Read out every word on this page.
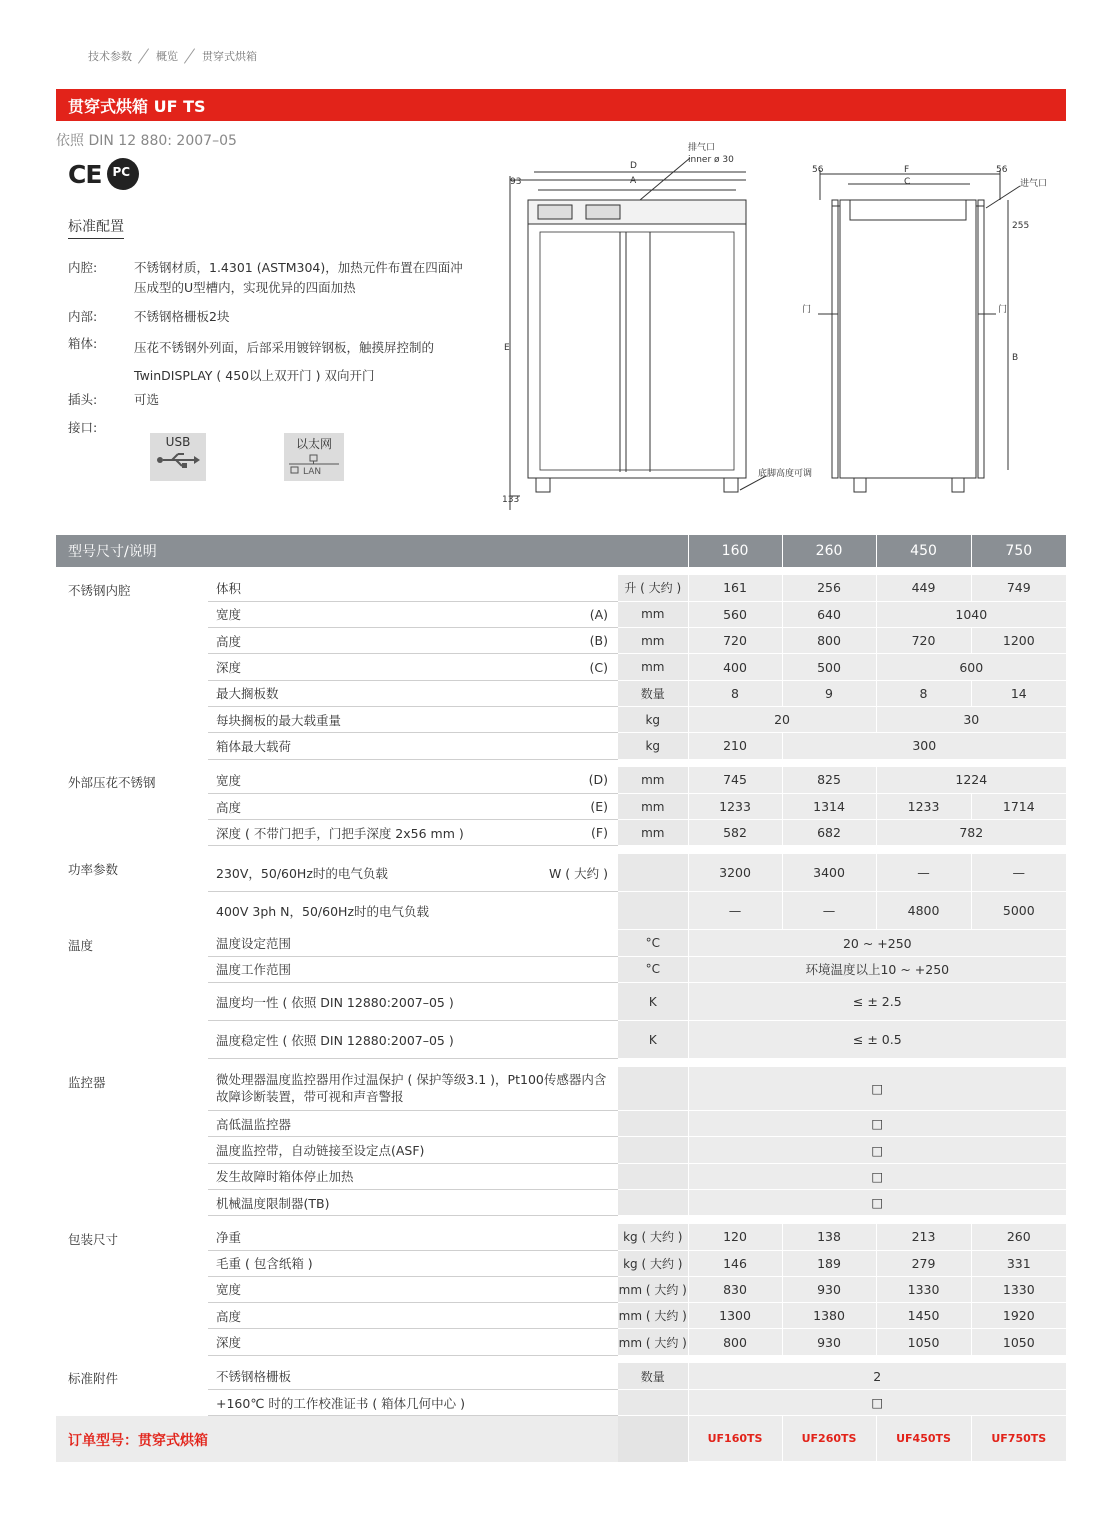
技术参数 概览 贯穿式烘箱
贯穿式烘箱 UF TS
依照 DIN 12 880: 2007–05
CE
PC
标准配置
内腔:	不锈钢材质，1.4301 (ASTM304)，加热元件布置在四面冲压成型的U型槽内，实现优异的四面加热
内部:	不锈钢格栅板2块
箱体:	压花不锈钢外列面，后部采用镀锌钢板，触摸屏控制的TwinDISPLAY ( 450以上双开门 ) 双向开门
插头:	可选
接口:
USB	以太网
LAN
排气口
inner ø 30
D
A
93
E
133
56	F
C
56
255
B
进气口
门	门
底脚高度可调
型号尺寸/说明				160	260	450	750

不锈钢内腔	体积		升 ( 大约 )	161	256	449	749
	宽度	(A)	mm	560	640	1040	
	高度	(B)	mm	720	800	720	1200
	深度	(C)	mm	400	500	600	
	最大搁板数		数量	8	9	8	14
	每块搁板的最大载重量		kg	20		30	
	箱体最大载荷		kg	210	300		

外部压花不锈钢	宽度	(D)	mm	745	825	1224	
	高度	(E)	mm	1233	1314	1233	1714
	深度 ( 不带门把手，门把手深度 2x56 mm )	(F)	mm	582	682	782	

功率参数	230V，50/60Hz时的电气负载	W ( 大约 )		3200	3400	—	—
	400V 3ph N，50/60Hz时的电气负载			—	—	4800	5000
温度	温度设定范围		°C	20 ~ +250			
	温度工作范围		°C	环境温度以上10 ~ +250			
	温度均一性 ( 依照 DIN 12880:2007–05 )		K	≤ ± 2.5			
	温度稳定性 ( 依照 DIN 12880:2007–05 )		K	≤ ± 0.5			

监控器	微处理器温度监控器用作过温保护 ( 保护等级3.1 )，Pt100传感器内含故障诊断装置，带可视和声音警报			□			
	高低温监控器			□			
	温度监控带，自动链接至设定点(ASF)			□			
	发生故障时箱体停止加热			□			
	机械温度限制器(TB)			□			

包装尺寸	净重		kg ( 大约 )	120	138	213	260
	毛重 ( 包含纸箱 )		kg ( 大约 )	146	189	279	331
	宽度		mm ( 大约 )	830	930	1330	1330
	高度		mm ( 大约 )	1300	1380	1450	1920
	深度		mm ( 大约 )	800	930	1050	1050

标准附件	不锈钢格栅板		数量	2			
	+160℃ 时的工作校准证书 ( 箱体几何中心 )			□			
订单型号：贯穿式烘箱				UF160TS	UF260TS	UF450TS	UF750TS
